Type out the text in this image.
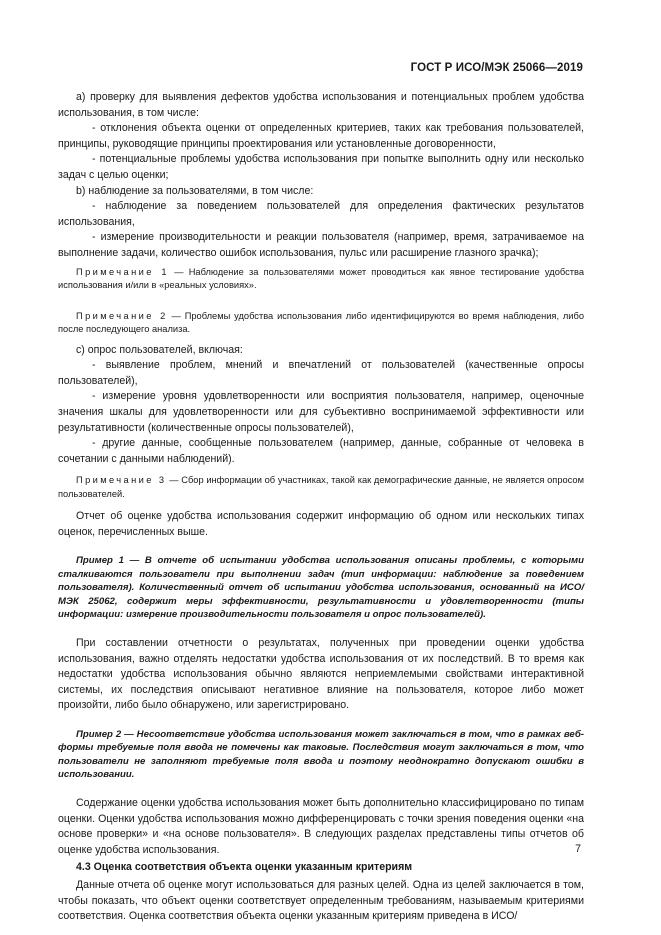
ГОСТ Р ИСО/МЭК 25066—2019

а) проверку для выявления дефектов удобства использования и потенциальных проблем удобства использования, в том числе:

- отклонения объекта оценки от определенных критериев, таких как требования пользователей, принципы, руководящие принципы проектирования или установленные договоренности,

- потенциальные проблемы удобства использования при попытке выполнить одну или несколько задач с целью оценки;

b) наблюдение за пользователями, в том числе:

- наблюдение за поведением пользователей для определения фактических результатов использования,

- измерение производительности и реакции пользователя (например, время, затрачиваемое на выполнение задачи, количество ошибок использования, пульс или расширение глазного зрачка);

Примечание 1 — Наблюдение за пользователями может проводиться как явное тестирование удобства использования и/или в «реальных условиях».

Примечание 2 — Проблемы удобства использования либо идентифицируются во время наблюдения, либо после последующего анализа.

с) опрос пользователей, включая:

- выявление проблем, мнений и впечатлений от пользователей (качественные опросы пользователей),

- измерение уровня удовлетворенности или восприятия пользователя, например, оценочные значения шкалы для удовлетворенности или для субъективно воспринимаемой эффективности или результативности (количественные опросы пользователей),

- другие данные, сообщенные пользователем (например, данные, собранные от человека в сочетании с данными наблюдений).

Примечание 3 — Сбор информации об участниках, такой как демографические данные, не является опросом пользователей.

Отчет об оценке удобства использования содержит информацию об одном или нескольких типах оценок, перечисленных выше.

Пример 1 — В отчете об испытании удобства использования описаны проблемы, с которыми сталкиваются пользователи при выполнении задач (тип информации: наблюдение за поведением пользователя). Количественный отчет об испытании удобства использования, основанный на ИСО/МЭК 25062, содержит меры эффективности, результативности и удовлетворенности (типы информации: измерение производительности пользователя и опрос пользователей).

При составлении отчетности о результатах, полученных при проведении оценки удобства использования, важно отделять недостатки удобства использования от их последствий. В то время как недостатки удобства использования обычно являются неприемлемыми свойствами интерактивной системы, их последствия описывают негативное влияние на пользователя, которое либо может произойти, либо было обнаружено, или зарегистрировано.

Пример 2 — Несоответствие удобства использования может заключаться в том, что в рамках веб-формы требуемые поля ввода не помечены как таковые. Последствия могут заключаться в том, что пользователи не заполняют требуемые поля ввода и поэтому неоднократно допускают ошибки в использовании.

Содержание оценки удобства использования может быть дополнительно классифицировано по типам оценки. Оценки удобства использования можно дифференцировать с точки зрения поведения оценки «на основе проверки» и «на основе пользователя». В следующих разделах представлены типы отчетов об оценке удобства использования.

4.3 Оценка соответствия объекта оценки указанным критериям

Данные отчета об оценке могут использоваться для разных целей. Одна из целей заключается в том, чтобы показать, что объект оценки соответствует определенным требованиям, называемым критериями соответствия. Оценка соответствия объекта оценки указанным критериям приведена в ИСО/

7
